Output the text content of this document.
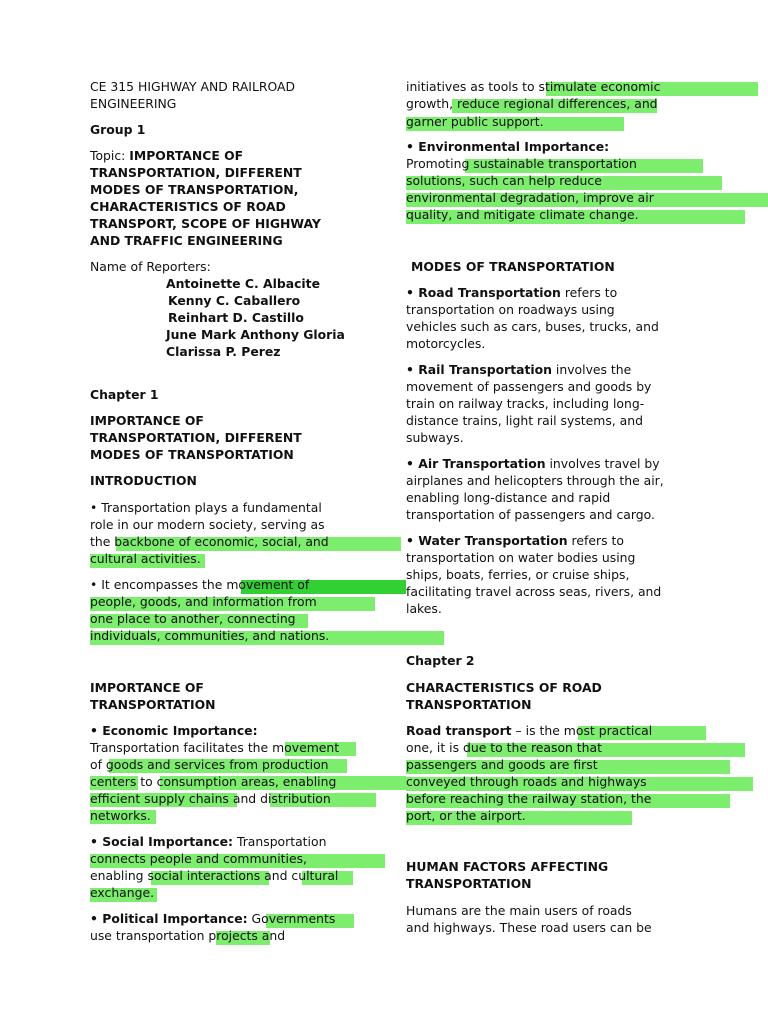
CE 315 HIGHWAY AND RAILROAD
ENGINEERING
Group 1
Topic: IMPORTANCE OF
TRANSPORTATION, DIFFERENT
MODES OF TRANSPORTATION,
CHARACTERISTICS OF ROAD
TRANSPORT, SCOPE OF HIGHWAY
AND TRAFFIC ENGINEERING
Name of Reporters:
Antoinette C. Albacite
Kenny C. Caballero
Reinhart D. Castillo
June Mark Anthony Gloria
Clarissa P. Perez
Chapter 1
IMPORTANCE OF
TRANSPORTATION, DIFFERENT
MODES OF TRANSPORTATION
INTRODUCTION
• Transportation plays a fundamental
role in our modern society, serving as
the backbone of economic, social, and
cultural activities.
• It encompasses the movement of
people, goods, and information from
one place to another, connecting
individuals, communities, and nations.
IMPORTANCE OF
TRANSPORTATION
• Economic Importance:
Transportation facilitates the movement
of goods and services from production
centers to consumption areas, enabling
efficient supply chains and distribution
networks.
• Social Importance: Transportation
connects people and communities,
enabling social interactions and cultural
exchange.
• Political Importance: Governments
use transportation projects and
initiatives as tools to stimulate economic
growth, reduce regional differences, and
garner public support.
• Environmental Importance:
Promoting sustainable transportation
solutions, such can help reduce
environmental degradation, improve air
quality, and mitigate climate change.
MODES OF TRANSPORTATION
• Road Transportation refers to
transportation on roadways using
vehicles such as cars, buses, trucks, and
motorcycles.
• Rail Transportation involves the
movement of passengers and goods by
train on railway tracks, including long-
distance trains, light rail systems, and
subways.
• Air Transportation involves travel by
airplanes and helicopters through the air,
enabling long-distance and rapid
transportation of passengers and cargo.
• Water Transportation refers to
transportation on water bodies using
ships, boats, ferries, or cruise ships,
facilitating travel across seas, rivers, and
lakes.
Chapter 2
CHARACTERISTICS OF ROAD
TRANSPORTATION
Road transport – is the most practical
one, it is due to the reason that
passengers and goods are first
conveyed through roads and highways
before reaching the railway station, the
port, or the airport.
HUMAN FACTORS AFFECTING
TRANSPORTATION
Humans are the main users of roads
and highways. These road users can be
